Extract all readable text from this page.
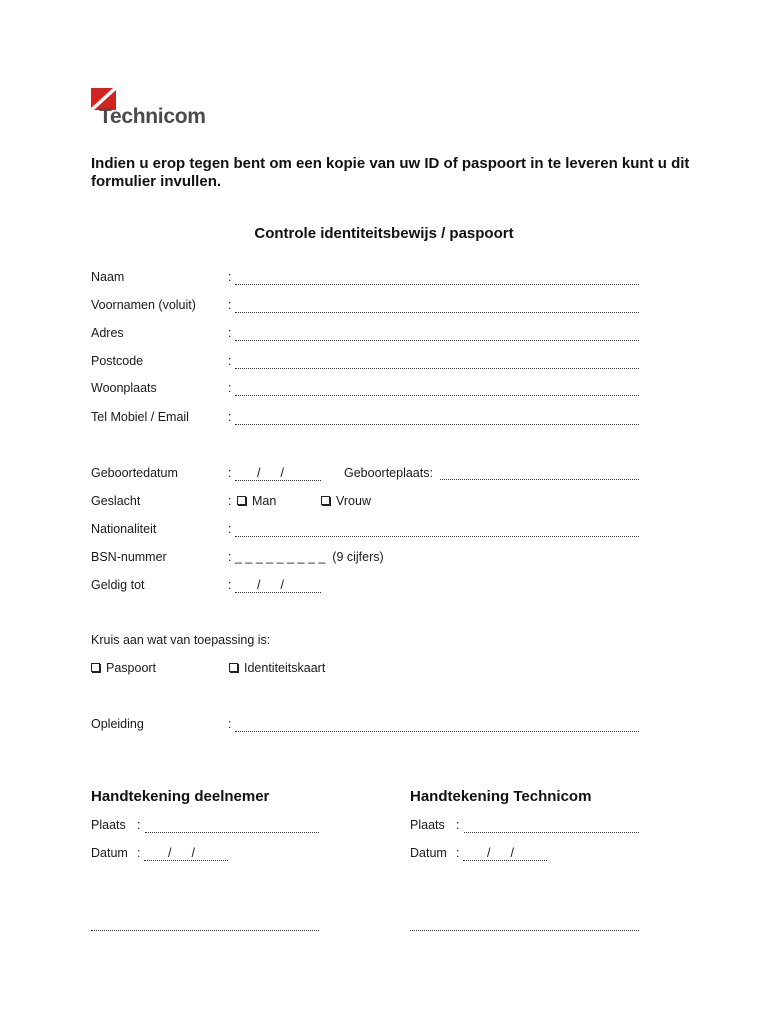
Technicom
Indien u erop tegen bent om een kopie van uw ID of paspoort in te leveren kunt u dit formulier invullen.
Controle identiteitsbewijs / paspoort
Naam	:
Voornamen (voluit)	:
Adres	:
Postcode	:
Woonplaats	:
Tel Mobiel / Email	:
Geboortedatum	: / /	Geboorteplaats:
Geslacht	:	Man	Vrouw
Nationaliteit	:
BSN-nummer	: _ _ _ _ _ _ _ _ _ (9 cijfers)
Geldig tot	: / /
Kruis aan wat van toepassing is:
Paspoort	Identiteitskaart
Opleiding	:
Handtekening deelnemer
Plaats :
Datum : / /
Handtekening Technicom
Plaats :
Datum : / /
